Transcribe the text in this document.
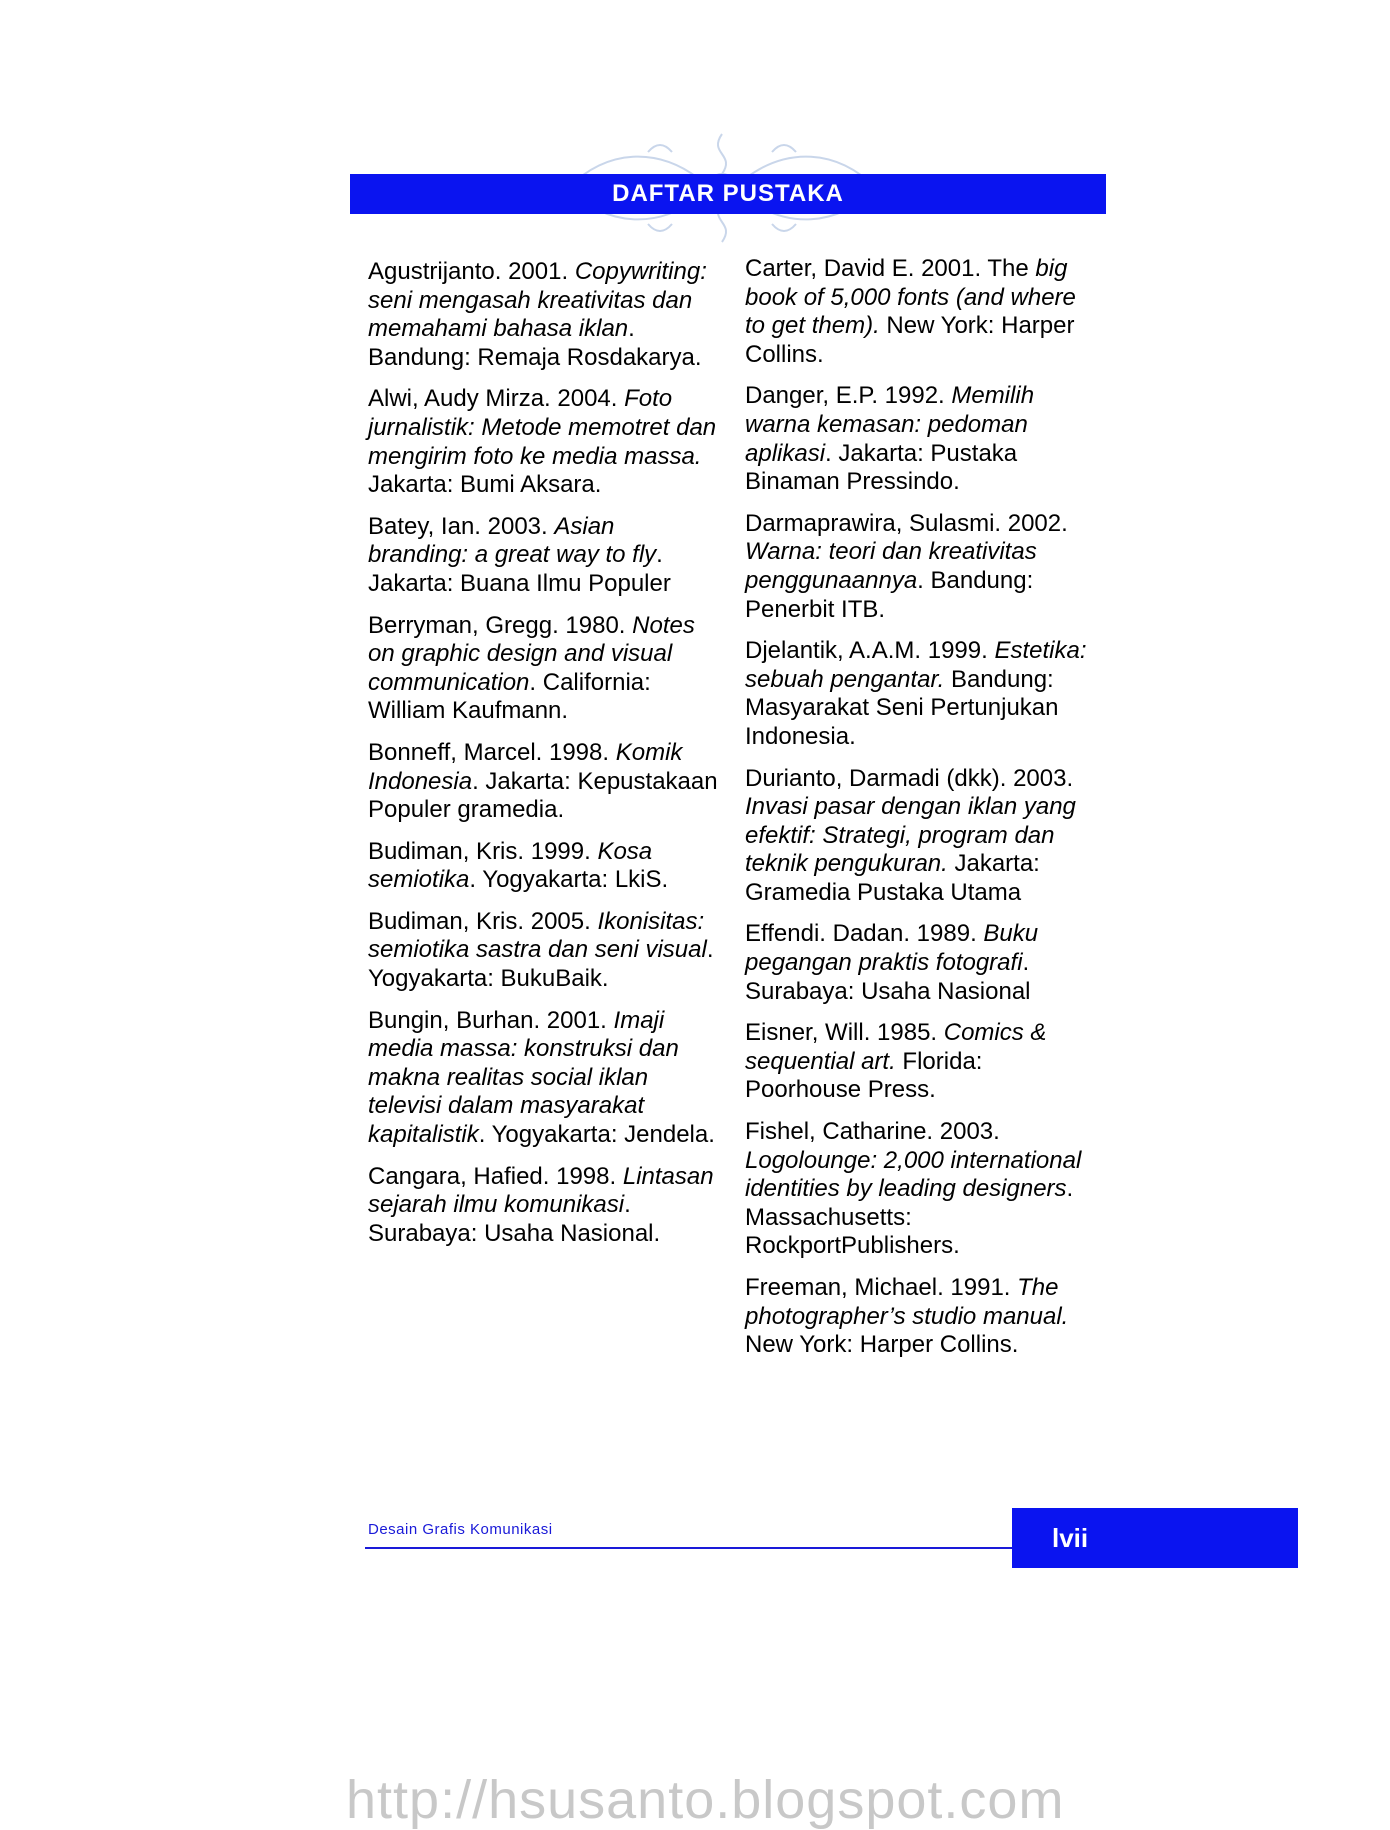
DAFTAR PUSTAKA

Agustrijanto. 2001. Copywriting: seni mengasah kreativitas dan memahami bahasa iklan. Bandung: Remaja Rosdakarya.

Alwi, Audy Mirza. 2004. Foto jurnalistik: Metode memotret dan mengirim foto ke media massa. Jakarta: Bumi Aksara.

Batey, Ian. 2003. Asian branding: a great way to fly. Jakarta: Buana Ilmu Populer

Berryman, Gregg. 1980. Notes on graphic design and visual communication. California: William Kaufmann.

Bonneff, Marcel. 1998. Komik Indonesia. Jakarta: Kepustakaan Populer gramedia.

Budiman, Kris. 1999. Kosa semiotika. Yogyakarta: LkiS.

Budiman, Kris. 2005. Ikonisitas: semiotika sastra dan seni visual. Yogyakarta: BukuBaik.

Bungin, Burhan. 2001. Imaji media massa: konstruksi dan makna realitas social iklan televisi dalam masyarakat kapitalistik. Yogyakarta: Jendela.

Cangara, Hafied. 1998. Lintasan sejarah ilmu komunikasi. Surabaya: Usaha Nasional.

Carter, David E. 2001. The big book of 5,000 fonts (and where to get them). New York: Harper Collins.

Danger, E.P. 1992. Memilih warna kemasan: pedoman aplikasi. Jakarta: Pustaka Binaman Pressindo.

Darmaprawira, Sulasmi. 2002. Warna: teori dan kreativitas penggunaannya. Bandung: Penerbit ITB.

Djelantik, A.A.M. 1999. Estetika: sebuah pengantar. Bandung: Masyarakat Seni Pertunjukan Indonesia.

Durianto, Darmadi (dkk). 2003. Invasi pasar dengan iklan yang efektif: Strategi, program dan teknik pengukuran. Jakarta: Gramedia Pustaka Utama

Effendi. Dadan. 1989. Buku pegangan praktis fotografi. Surabaya: Usaha Nasional

Eisner, Will. 1985. Comics & sequential art. Florida: Poorhouse Press.

Fishel, Catharine. 2003. Logolounge: 2,000 international identities by leading designers. Massachusetts: RockportPublishers.

Freeman, Michael. 1991. The photographer’s studio manual. New York: Harper Collins.

Desain Grafis Komunikasi	lvii
http://hsusanto.blogspot.com
